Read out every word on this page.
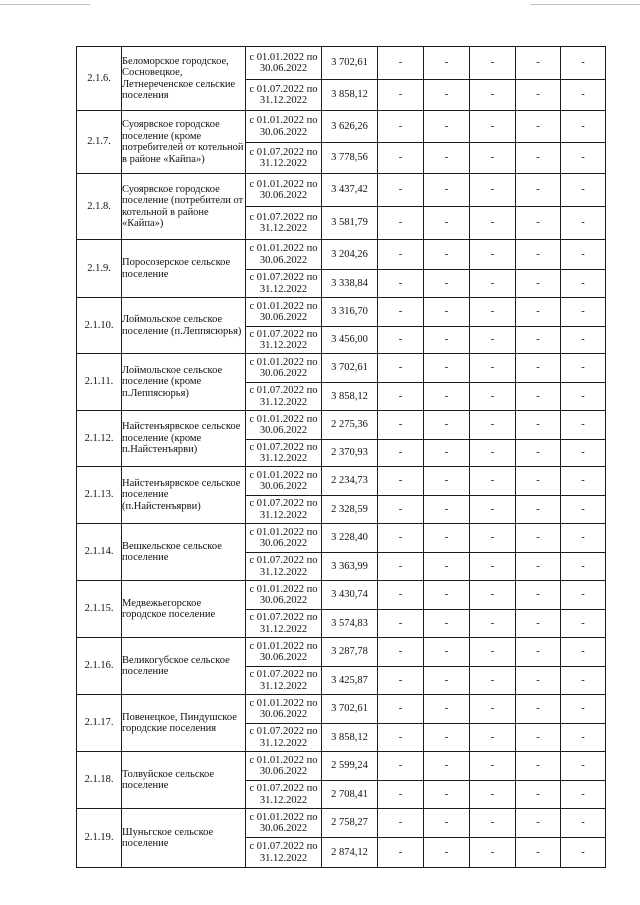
2.1.6.	Беломорское городское, Сосновецкое, Летнереченское сельские поселения	с 01.01.2022 по 30.06.2022	3 702,61	-	-	-	-	-
		с 01.07.2022 по 31.12.2022	3 858,12	-	-	-	-	-
2.1.7.	Суоярвское городское поселение (кроме потребителей от котельной в районе «Кайпа»)	с 01.01.2022 по 30.06.2022	3 626,26	-	-	-	-	-
		с 01.07.2022 по 31.12.2022	3 778,56	-	-	-	-	-
2.1.8.	Суоярвское городское поселение (потребители от котельной в районе «Кайпа»)	с 01.01.2022 по 30.06.2022	3 437,42	-	-	-	-	-
		с 01.07.2022 по 31.12.2022	3 581,79	-	-	-	-	-
2.1.9.	Поросозерское сельское поселение	с 01.01.2022 по 30.06.2022	3 204,26	-	-	-	-	-
		с 01.07.2022 по 31.12.2022	3 338,84	-	-	-	-	-
2.1.10.	Лоймольское сельское поселение (п.Леппясюрья)	с 01.01.2022 по 30.06.2022	3 316,70	-	-	-	-	-
		с 01.07.2022 по 31.12.2022	3 456,00	-	-	-	-	-
2.1.11.	Лоймольское сельское поселение (кроме п.Леппясюрья)	с 01.01.2022 по 30.06.2022	3 702,61	-	-	-	-	-
		с 01.07.2022 по 31.12.2022	3 858,12	-	-	-	-	-
2.1.12.	Найстенъярвское сельское поселение (кроме п.Найстенъярви)	с 01.01.2022 по 30.06.2022	2 275,36	-	-	-	-	-
		с 01.07.2022 по 31.12.2022	2 370,93	-	-	-	-	-
2.1.13.	Найстенъярвское сельское поселение (п.Найстенъярви)	с 01.01.2022 по 30.06.2022	2 234,73	-	-	-	-	-
		с 01.07.2022 по 31.12.2022	2 328,59	-	-	-	-	-
2.1.14.	Вешкельское сельское поселение	с 01.01.2022 по 30.06.2022	3 228,40	-	-	-	-	-
		с 01.07.2022 по 31.12.2022	3 363,99	-	-	-	-	-
2.1.15.	Медвежьегорское городское поселение	с 01.01.2022 по 30.06.2022	3 430,74	-	-	-	-	-
		с 01.07.2022 по 31.12.2022	3 574,83	-	-	-	-	-
2.1.16.	Великогубское сельское поселение	с 01.01.2022 по 30.06.2022	3 287,78	-	-	-	-	-
		с 01.07.2022 по 31.12.2022	3 425,87	-	-	-	-	-
2.1.17.	Повенецкое, Пиндушское городские поселения	с 01.01.2022 по 30.06.2022	3 702,61	-	-	-	-	-
		с 01.07.2022 по 31.12.2022	3 858,12	-	-	-	-	-
2.1.18.	Толвуйское сельское поселение	с 01.01.2022 по 30.06.2022	2 599,24	-	-	-	-	-
		с 01.07.2022 по 31.12.2022	2 708,41	-	-	-	-	-
2.1.19.	Шуньгское сельское поселение	с 01.01.2022 по 30.06.2022	2 758,27	-	-	-	-	-
		с 01.07.2022 по 31.12.2022	2 874,12	-	-	-	-	-
